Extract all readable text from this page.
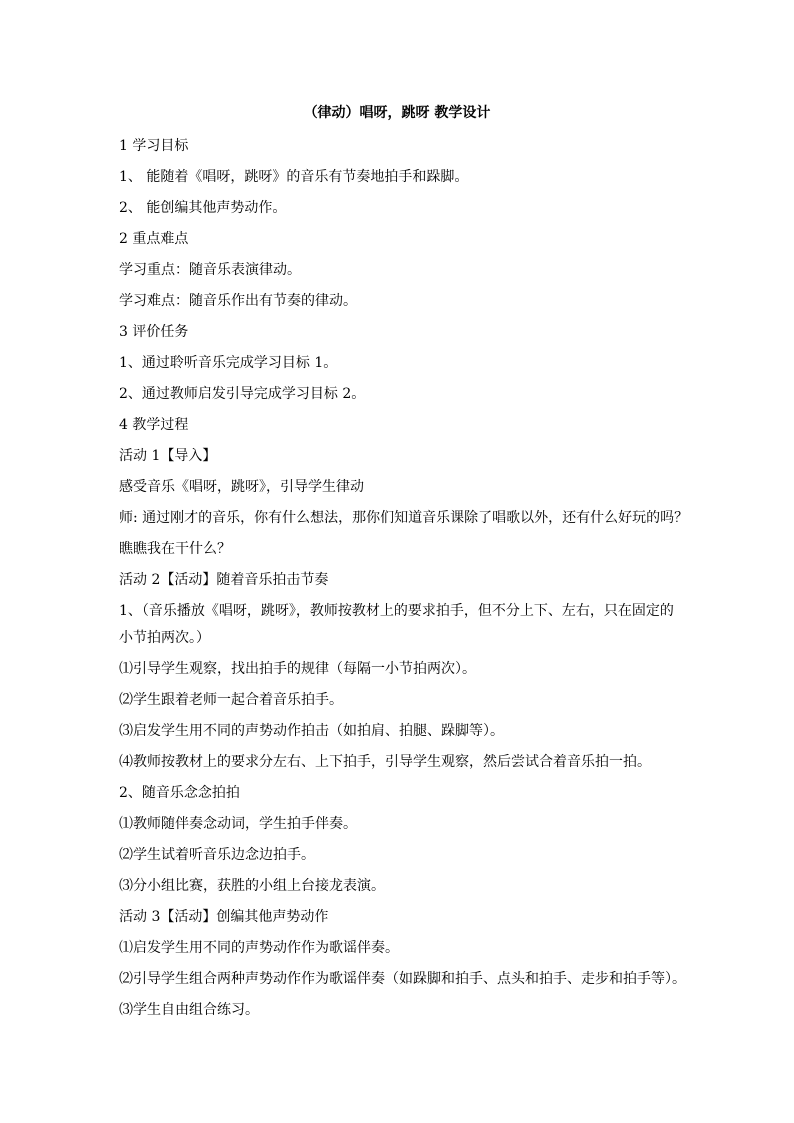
（律动）唱呀，跳呀 教学设计
1 学习目标
1、 能随着《唱呀，跳呀》的音乐有节奏地拍手和跺脚。
2、 能创编其他声势动作。
2 重点难点
学习重点：随音乐表演律动。
学习难点：随音乐作出有节奏的律动。
3 评价任务
1、通过聆听音乐完成学习目标 1。
2、通过教师启发引导完成学习目标 2。
4 教学过程
活动 1【导入】
感受音乐《唱呀，跳呀》，引导学生律动
师: 通过刚才的音乐，你有什么想法，那你们知道音乐课除了唱歌以外，还有什么好玩的吗？
瞧瞧我在干什么？
活动 2【活动】随着音乐拍击节奏
1、（音乐播放《唱呀，跳呀》，教师按教材上的要求拍手，但不分上下、左右，只在固定的小节拍两次。）
⑴引导学生观察，找出拍手的规律（每隔一小节拍两次）。
⑵学生跟着老师一起合着音乐拍手。
⑶启发学生用不同的声势动作拍击（如拍肩、拍腿、跺脚等）。
⑷教师按教材上的要求分左右、上下拍手，引导学生观察，然后尝试合着音乐拍一拍。
2、随音乐念念拍拍
⑴教师随伴奏念动词，学生拍手伴奏。
⑵学生试着听音乐边念边拍手。
⑶分小组比赛，获胜的小组上台接龙表演。
活动 3【活动】创编其他声势动作
⑴启发学生用不同的声势动作作为歌谣伴奏。
⑵引导学生组合两种声势动作作为歌谣伴奏（如跺脚和拍手、点头和拍手、走步和拍手等）。
⑶学生自由组合练习。
